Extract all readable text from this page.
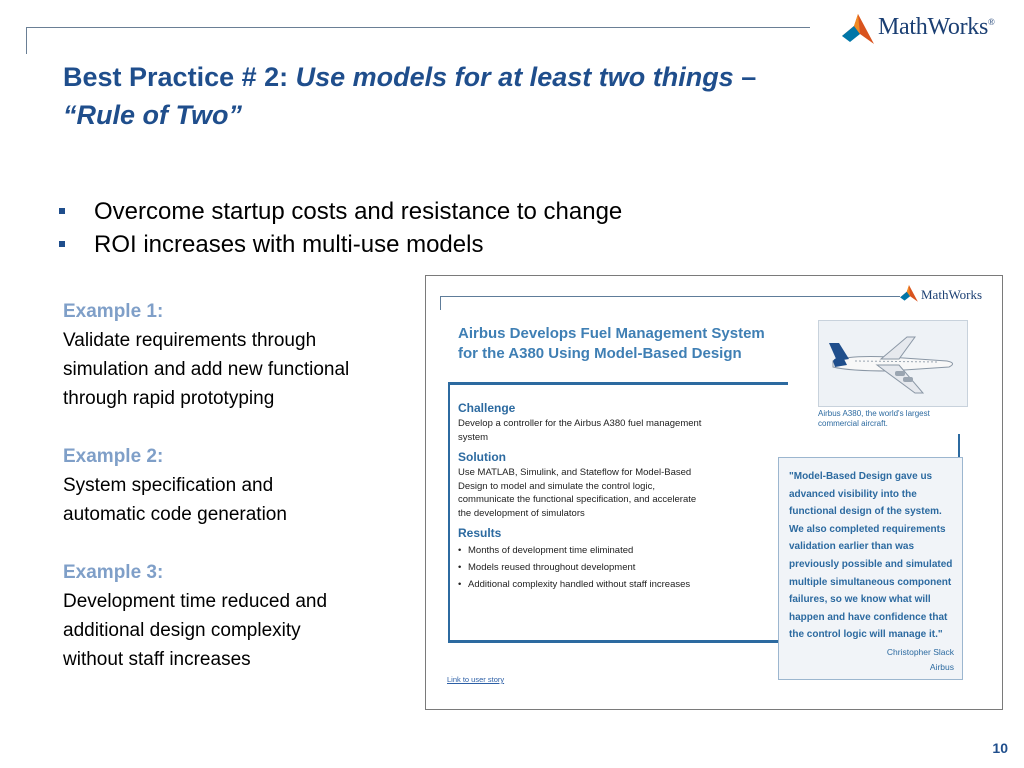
MathWorks®
Best Practice # 2: Use models for at least two things –
“Rule of Two”
Overcome startup costs and resistance to change
ROI increases with multi-use models
Example 1:
Validate requirements through
simulation and add new functional
through rapid prototyping
Example 2:
System specification and
automatic code generation
Example 3:
Development time reduced and
additional design complexity
without staff increases
MathWorks
Airbus Develops Fuel Management System
for the A380 Using Model-Based Design
Challenge
Develop a controller for the Airbus A380 fuel management
system
Solution
Use MATLAB, Simulink, and Stateflow for Model-Based
Design to model and simulate the control logic,
communicate the functional specification, and accelerate
the development of simulators
Results
• Months of development time eliminated
• Models reused throughout development
• Additional complexity handled without staff increases
Airbus A380, the world's largest
commercial aircraft.
"Model-Based Design gave us
advanced visibility into the
functional design of the system.
We also completed requirements
validation earlier than was
previously possible and simulated
multiple simultaneous component
failures, so we know what will
happen and have confidence that
the control logic will manage it."
Christopher Slack
Airbus
Link to user story
10
